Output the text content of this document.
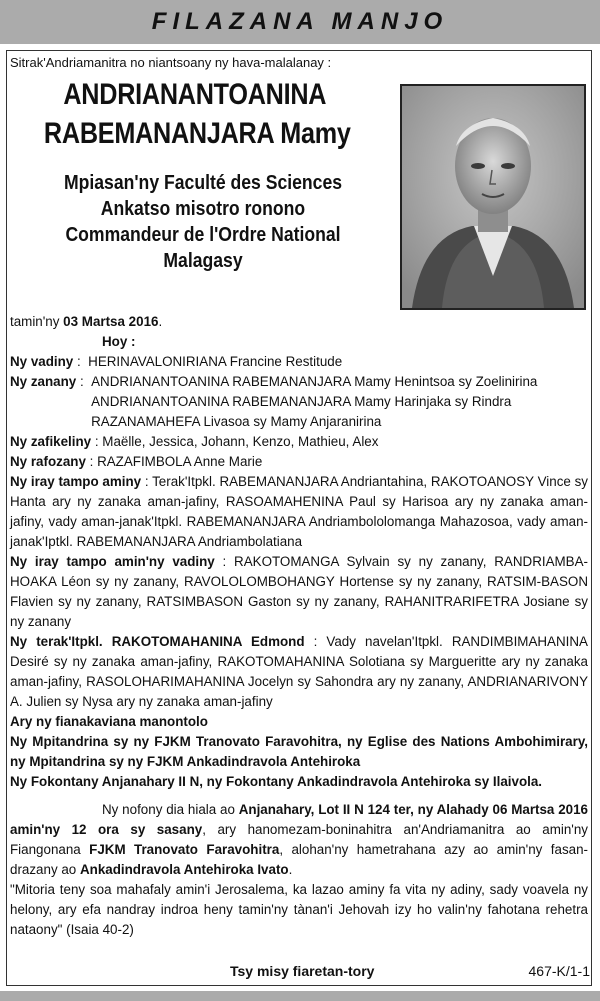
FILAZANA MANJO
Sitrak'Andriamanitra no niantsoany ny hava-malalanay :
ANDRIANANTOANINA
RABEMANANJARA Mamy
Mpiasan'ny Faculté des Sciences
Ankatso misotro ronono
Commandeur de l'Ordre National
Malagasy

tamin'ny 03 Martsa 2016.

Hoy :

Ny vadiny : HERINAVALONIRIANA Francine Restitude
Ny zanany : ANDRIANANTOANINA RABEMANANJARA Mamy Henintsoa sy Zoelinirina
ANDRIANANTOANINA RABEMANANJARA Mamy Harinjaka sy Rindra
RAZANAMAHEFA Livasoa sy Mamy Anjaranirina

Ny zafikeliny : Maëlle, Jessica, Johann, Kenzo, Mathieu, Alex

Ny rafozany : RAZAFIMBOLA Anne Marie

Ny iray tampo aminy : Terak'Itpkl. RABEMANANJARA Andriantahina, RAKOTOANOSY Vince sy Hanta ary ny zanaka aman-jafiny, RASOAMAHENINA Paul sy Harisoa ary ny zanaka aman-jafiny, vady aman-janak'Itpkl. RABEMANANJARA Andriambololomanga Mahazosoa, vady aman-janak'Iptkl. RABEMANANJARA Andriambolatiana

Ny iray tampo amin'ny vadiny : RAKOTOMANGA Sylvain sy ny zanany, RANDRIAMBA-HOAKA Léon sy ny zanany, RAVOLOLOMBOHANGY Hortense sy ny zanany, RATSIM-BASON Flavien sy ny zanany, RATSIMBASON Gaston sy ny zanany, RAHANITRARIFETRA Josiane sy ny zanany

Ny terak'Itpkl. RAKOTOMAHANINA Edmond : Vady navelan'Itpkl. RANDIMBIMAHANINA Desiré sy ny zanaka aman-jafiny, RAKOTOMAHANINA Solotiana sy Margueritte ary ny zanaka aman-jafiny, RASOLOHARIMAHANINA Jocelyn sy Sahondra ary ny zanany, ANDRIANARIVONY A. Julien sy Nysa ary ny zanaka aman-jafiny

Ary ny fianakaviana manontolo

Ny Mpitandrina sy ny FJKM Tranovato Faravohitra, ny Eglise des Nations Ambohimirary, ny Mpitandrina sy ny FJKM Ankadindravola Antehiroka

Ny Fokontany Anjanahary II N, ny Fokontany Ankadindravola Antehiroka sy Ilaivola.

Ny nofony dia hiala ao Anjanahary, Lot II N 124 ter, ny Alahady 06 Martsa 2016 amin'ny 12 ora sy sasany, ary hanomezam-boninahitra an'Andriamanitra ao amin'ny Fiangonana FJKM Tranovato Faravohitra, alohan'ny hametrahana azy ao amin'ny fasan-drazany ao Ankadindravola Antehiroka Ivato.

"Mitoria teny soa mahafaly amin'i Jerosalema, ka lazao aminy fa vita ny adiny, sady voavela ny helony, ary efa nandray indroa heny tamin'ny tànan'i Jehovah izy ho valin'ny fahotana rehetra nataony" (Isaia 40-2)

Tsy misy fiaretan-tory	467-K/1-1
